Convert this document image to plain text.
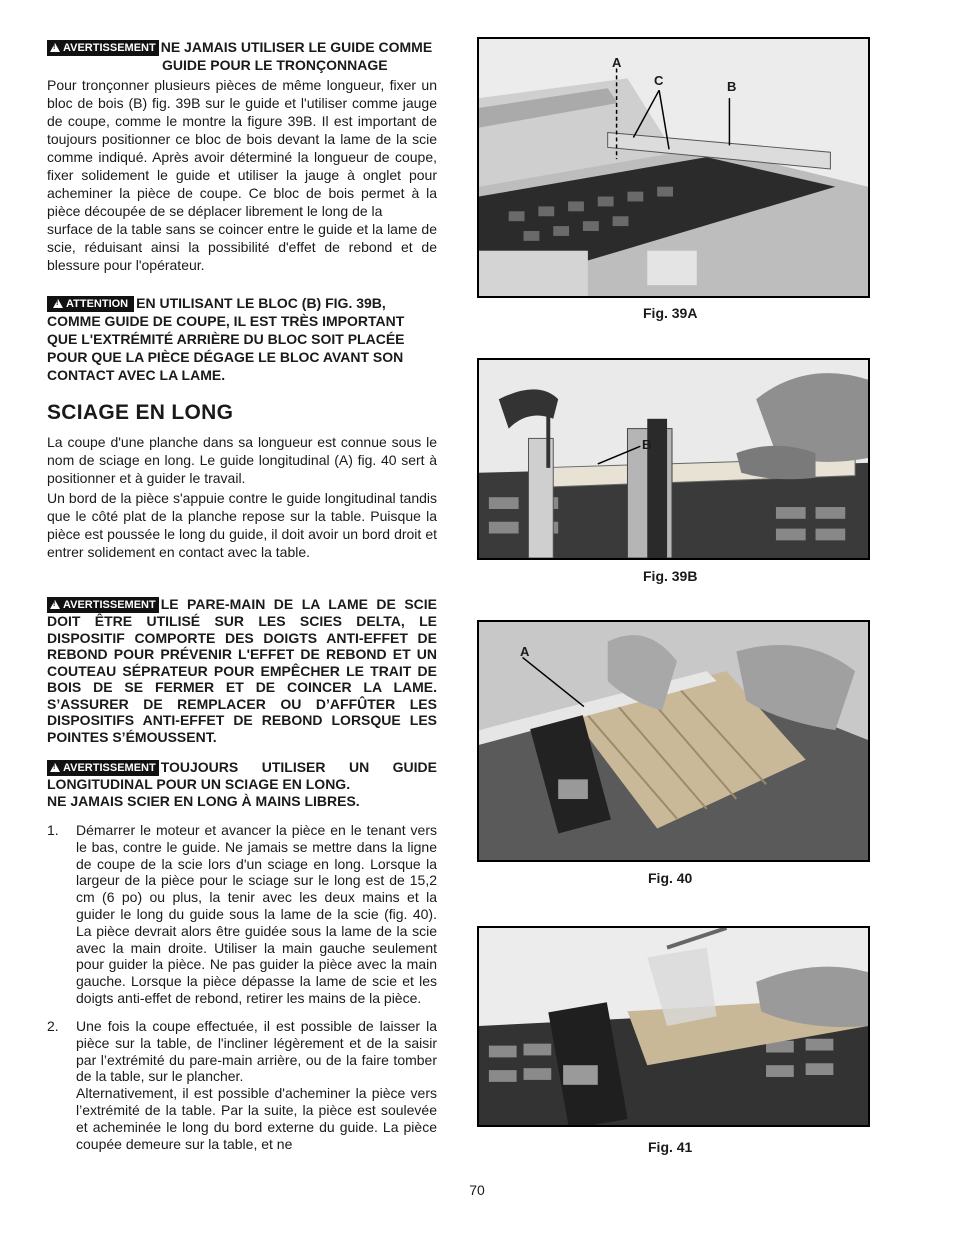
!AVERTISSEMENT NE JAMAIS UTILISER LE GUIDE COMME
GUIDE POUR LE TRONÇONNAGE
Pour tronçonner plusieurs pièces de même longueur, fixer un bloc de bois (B) fig. 39B sur le guide et l'utiliser comme jauge de coupe, comme le montre la figure 39B. Il est important de toujours positionner ce bloc de bois devant la lame de la scie comme indiqué. Après avoir déterminé la longueur de coupe, fixer solidement le guide et utiliser la jauge à onglet pour acheminer la pièce de coupe. Ce bloc de bois permet à la pièce découpée de se déplacer librement le long de la
surface de la table sans se coincer entre le guide et la lame de scie, réduisant ainsi la possibilité d'effet de rebond et de blessure pour l'opérateur.
!ATTENTION EN UTILISANT LE BLOC (B) FIG. 39B, COMME GUIDE DE COUPE, IL EST TRÈS IMPORTANT QUE L'EXTRÉMITÉ ARRIÈRE DU BLOC SOIT PLACÉE POUR QUE LA PIÈCE DÉGAGE LE BLOC AVANT SON CONTACT AVEC LA LAME.
SCIAGE EN LONG
La coupe d'une planche dans sa longueur est connue sous le nom de sciage en long. Le guide longitudinal (A) fig. 40 sert à positionner et à guider le travail.
Un bord de la pièce s'appuie contre le guide longitudinal tandis que le côté plat de la planche repose sur la table. Puisque la pièce est poussée le long du guide, il doit avoir un bord droit et entrer solidement en contact avec la table.
!AVERTISSEMENT LE PARE-MAIN DE LA LAME DE SCIE DOIT ÊTRE UTILISÉ SUR LES SCIES DELTA, LE DISPOSITIF COMPORTE DES DOIGTS ANTI-EFFET DE REBOND POUR PRÉVENIR L'EFFET DE REBOND ET UN COUTEAU SÉPRATEUR POUR EMPÊCHER LE TRAIT DE BOIS DE SE FERMER ET DE COINCER LA LAME. S’ASSURER DE REMPLACER OU D’AFFÛTER LES DISPOSITIFS ANTI-EFFET DE REBOND LORSQUE LES POINTES S’ÉMOUSSENT.
!AVERTISSEMENT TOUJOURS UTILISER UN GUIDE LONGITUDINAL POUR UN SCIAGE EN LONG.

NE JAMAIS SCIER EN LONG À MAINS LIBRES.
1. Démarrer le moteur et avancer la pièce en le tenant vers le bas, contre le guide. Ne jamais se mettre dans la ligne de coupe de la scie lors d'un sciage en long. Lorsque la largeur de la pièce pour le sciage sur le long est de 15,2 cm (6 po) ou plus, la tenir avec les deux mains et la guider le long du guide sous la lame de la scie (fig. 40). La pièce devrait alors être guidée sous la lame de la scie avec la main droite. Utiliser la main gauche seulement pour guider la pièce. Ne pas guider la pièce avec la main gauche. Lorsque la pièce dépasse la lame de scie et les doigts anti-effet de rebond, retirer les mains de la pièce.
2. Une fois la coupe effectuée, il est possible de laisser la pièce sur la table, de l'incliner légèrement et de la saisir par l’extrémité du pare-main arrière, ou de la faire tomber de la table, sur le plancher.
Alternativement, il est possible d'acheminer la pièce vers l’extrémité de la table. Par la suite, la pièce est soulevée et acheminée le long du bord externe du guide. La pièce coupée demeure sur la table, et ne
A
C	B
Fig. 39A
B
Fig. 39B
A
Fig. 40
Fig. 41
70
